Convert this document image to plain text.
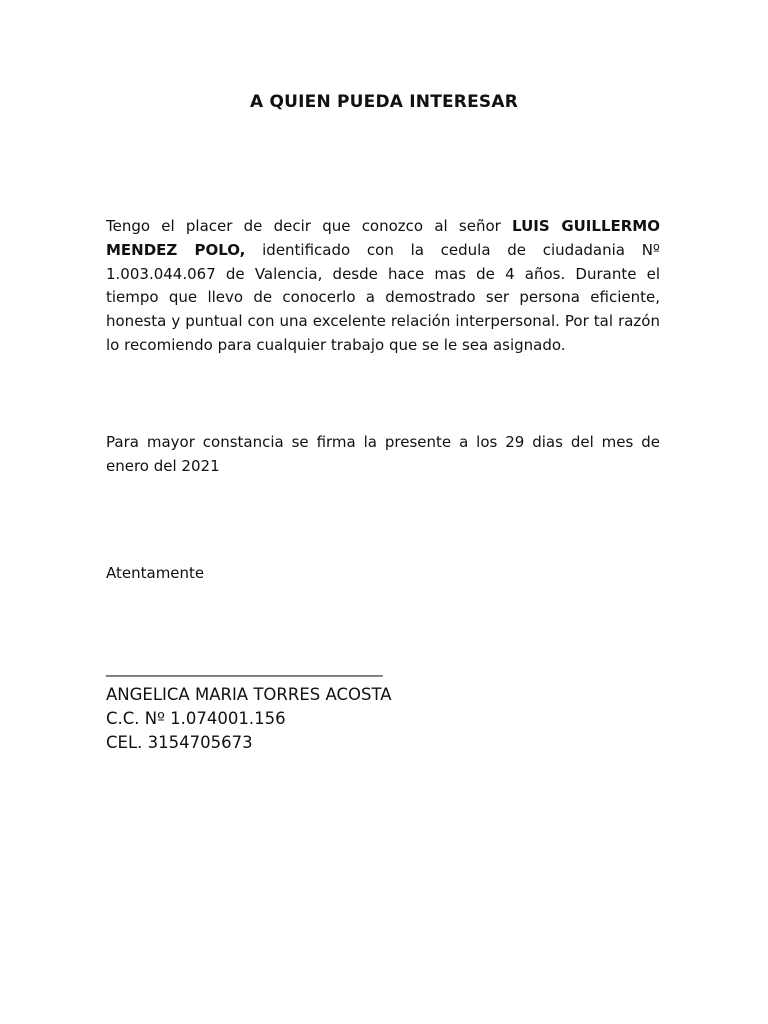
A QUIEN PUEDA INTERESAR
Tengo el placer de decir que conozco al señor LUIS GUILLERMO MENDEZ POLO, identificado con la cedula de ciudadania Nº 1.003.044.067 de Valencia, desde hace mas de 4 años. Durante el tiempo que llevo de conocerlo a demostrado ser persona eficiente, honesta y puntual con una excelente relación interpersonal. Por tal razón lo recomiendo para cualquier trabajo que se le sea asignado.
Para mayor constancia se firma la presente a los 29 dias del mes de enero del 2021
Atentamente
________________________________________
ANGELICA MARIA TORRES ACOSTA
C.C. Nº 1.074001.156
CEL. 3154705673
